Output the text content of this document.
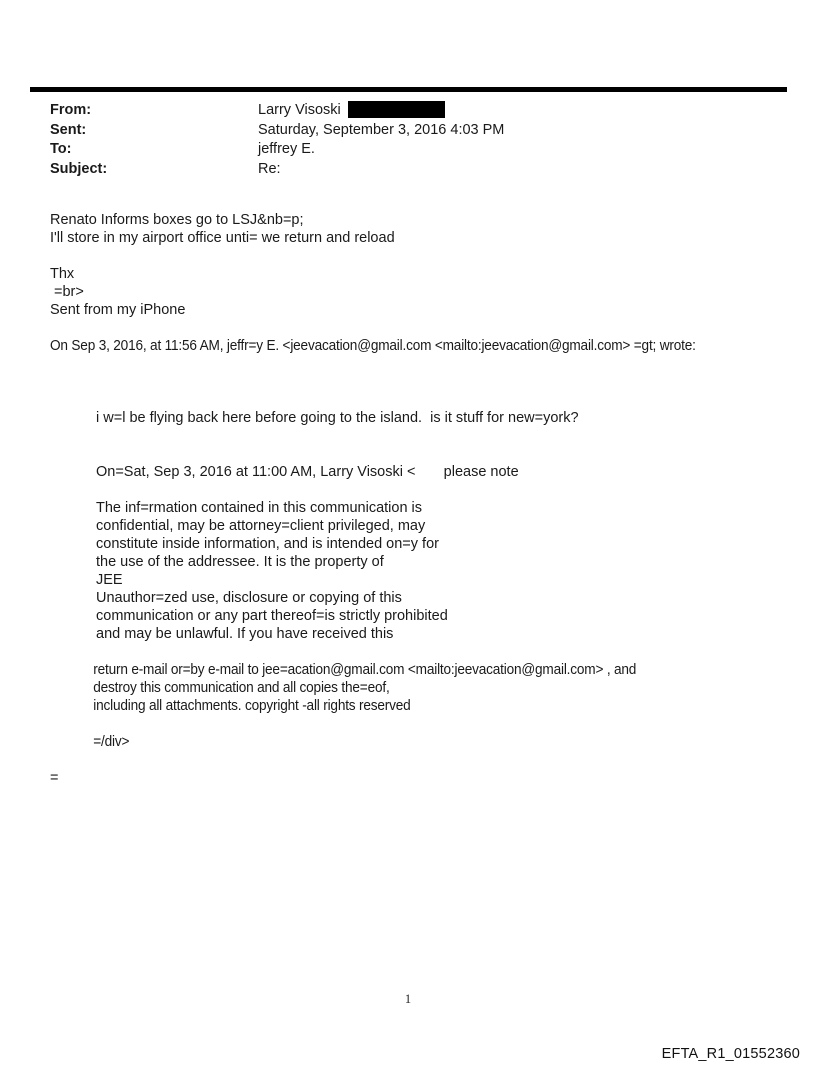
From:	Larry Visoski
Sent:	Saturday, September 3, 2016 4:03 PM
To:	jeffrey E.
Subject:	Re:
Renato Informs boxes go to LSJ&nb=p;
I'll store in my airport office unti= we return and reload
Thx
=br>
Sent from my iPhone
On Sep 3, 2016, at 11:56 AM, jeffr=y E. <jeevacation@gmail.com <mailto:jeevacation@gmail.com> =gt; wrote:
i w=l be flying back here before going to the island.  is it stuff for new=york?
On=Sat, Sep 3, 2016 at 11:00 AM, Larry Visoski <       please note
The inf=rmation contained in this communication is
confidential, may be attorney=client privileged, may
constitute inside information, and is intended on=y for
the use of the addressee. It is the property of
JEE
Unauthor=zed use, disclosure or copying of this
communication or any part thereof=is strictly prohibited
and may be unlawful. If you have received this
return e-mail or=by e-mail to jee=acation@gmail.com <mailto:jeevacation@gmail.com> , and
destroy this communication and all copies the=eof,
including all attachments. copyright -all rights reserved
=/div>
=
1
EFTA_R1_01552360
